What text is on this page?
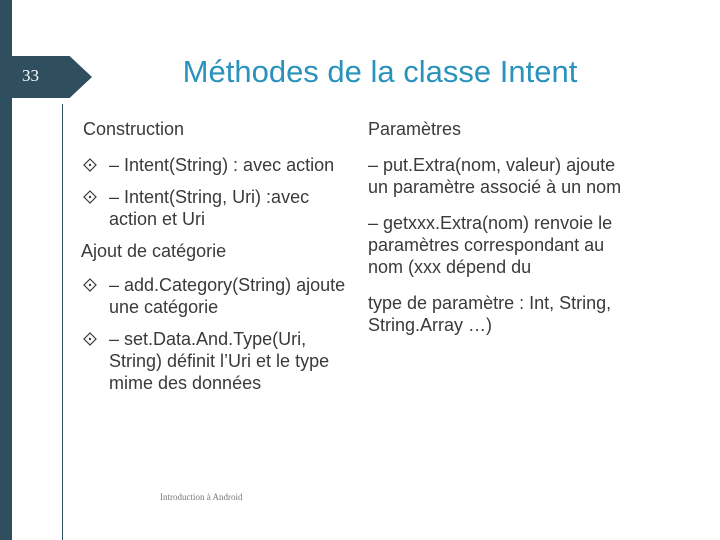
33	Méthodes de la classe Intent
Construction
– Intent(String) : avec action
– Intent(String, Uri) :avec action et Uri
Ajout de catégorie
– add.Category(String) ajoute une catégorie
– set.Data.And.Type(Uri, String) définit l’Uri et le type mime des données
Paramètres
– put.Extra(nom, valeur) ajoute un paramètre associé à un nom
– getxxx.Extra(nom) renvoie le paramètres correspondant au nom (xxx dépend du
type de paramètre : Int, String, String.Array …)
Introduction à Android
